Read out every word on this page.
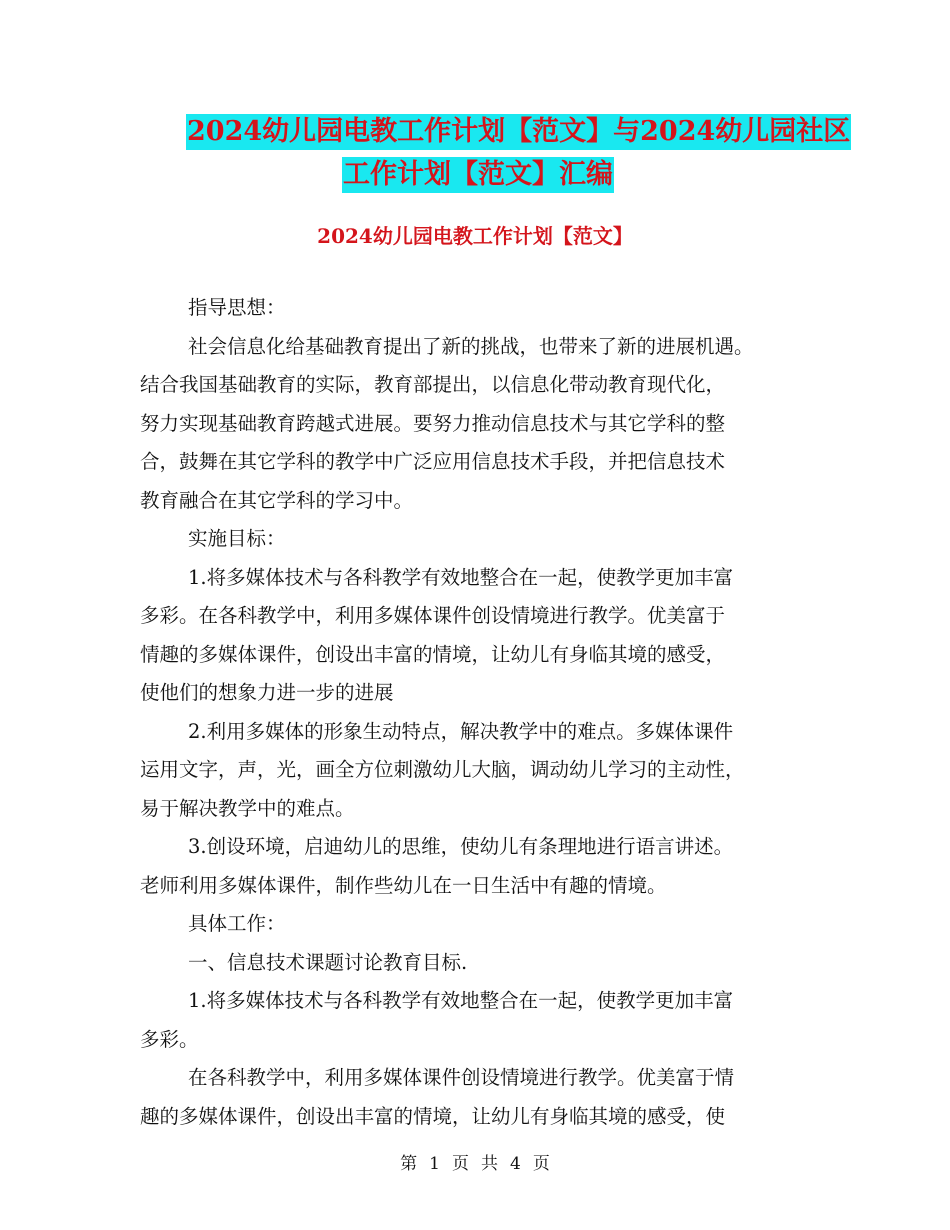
2024幼儿园电教工作计划【范文】与2024幼儿园社区
工作计划【范文】汇编
2024幼儿园电教工作计划【范文】

指导思想：

社会信息化给基础教育提出了新的挑战，也带来了新的进展机遇。

结合我国基础教育的实际，教育部提出，以信息化带动教育现代化，

努力实现基础教育跨越式进展。要努力推动信息技术与其它学科的整

合，鼓舞在其它学科的教学中广泛应用信息技术手段，并把信息技术

教育融合在其它学科的学习中。

实施目标：

1.将多媒体技术与各科教学有效地整合在一起，使教学更加丰富

多彩。在各科教学中，利用多媒体课件创设情境进行教学。优美富于

情趣的多媒体课件，创设出丰富的情境，让幼儿有身临其境的感受，

使他们的想象力进一步的进展

2.利用多媒体的形象生动特点，解决教学中的难点。多媒体课件

运用文字，声，光，画全方位刺激幼儿大脑，调动幼儿学习的主动性，

易于解决教学中的难点。

3.创设环境，启迪幼儿的思维，使幼儿有条理地进行语言讲述。

老师利用多媒体课件，制作些幼儿在一日生活中有趣的情境。

具体工作：

一、信息技术课题讨论教育目标.

1.将多媒体技术与各科教学有效地整合在一起，使教学更加丰富

多彩。

在各科教学中，利用多媒体课件创设情境进行教学。优美富于情

趣的多媒体课件，创设出丰富的情境，让幼儿有身临其境的感受，使

第 1 页 共 4 页
